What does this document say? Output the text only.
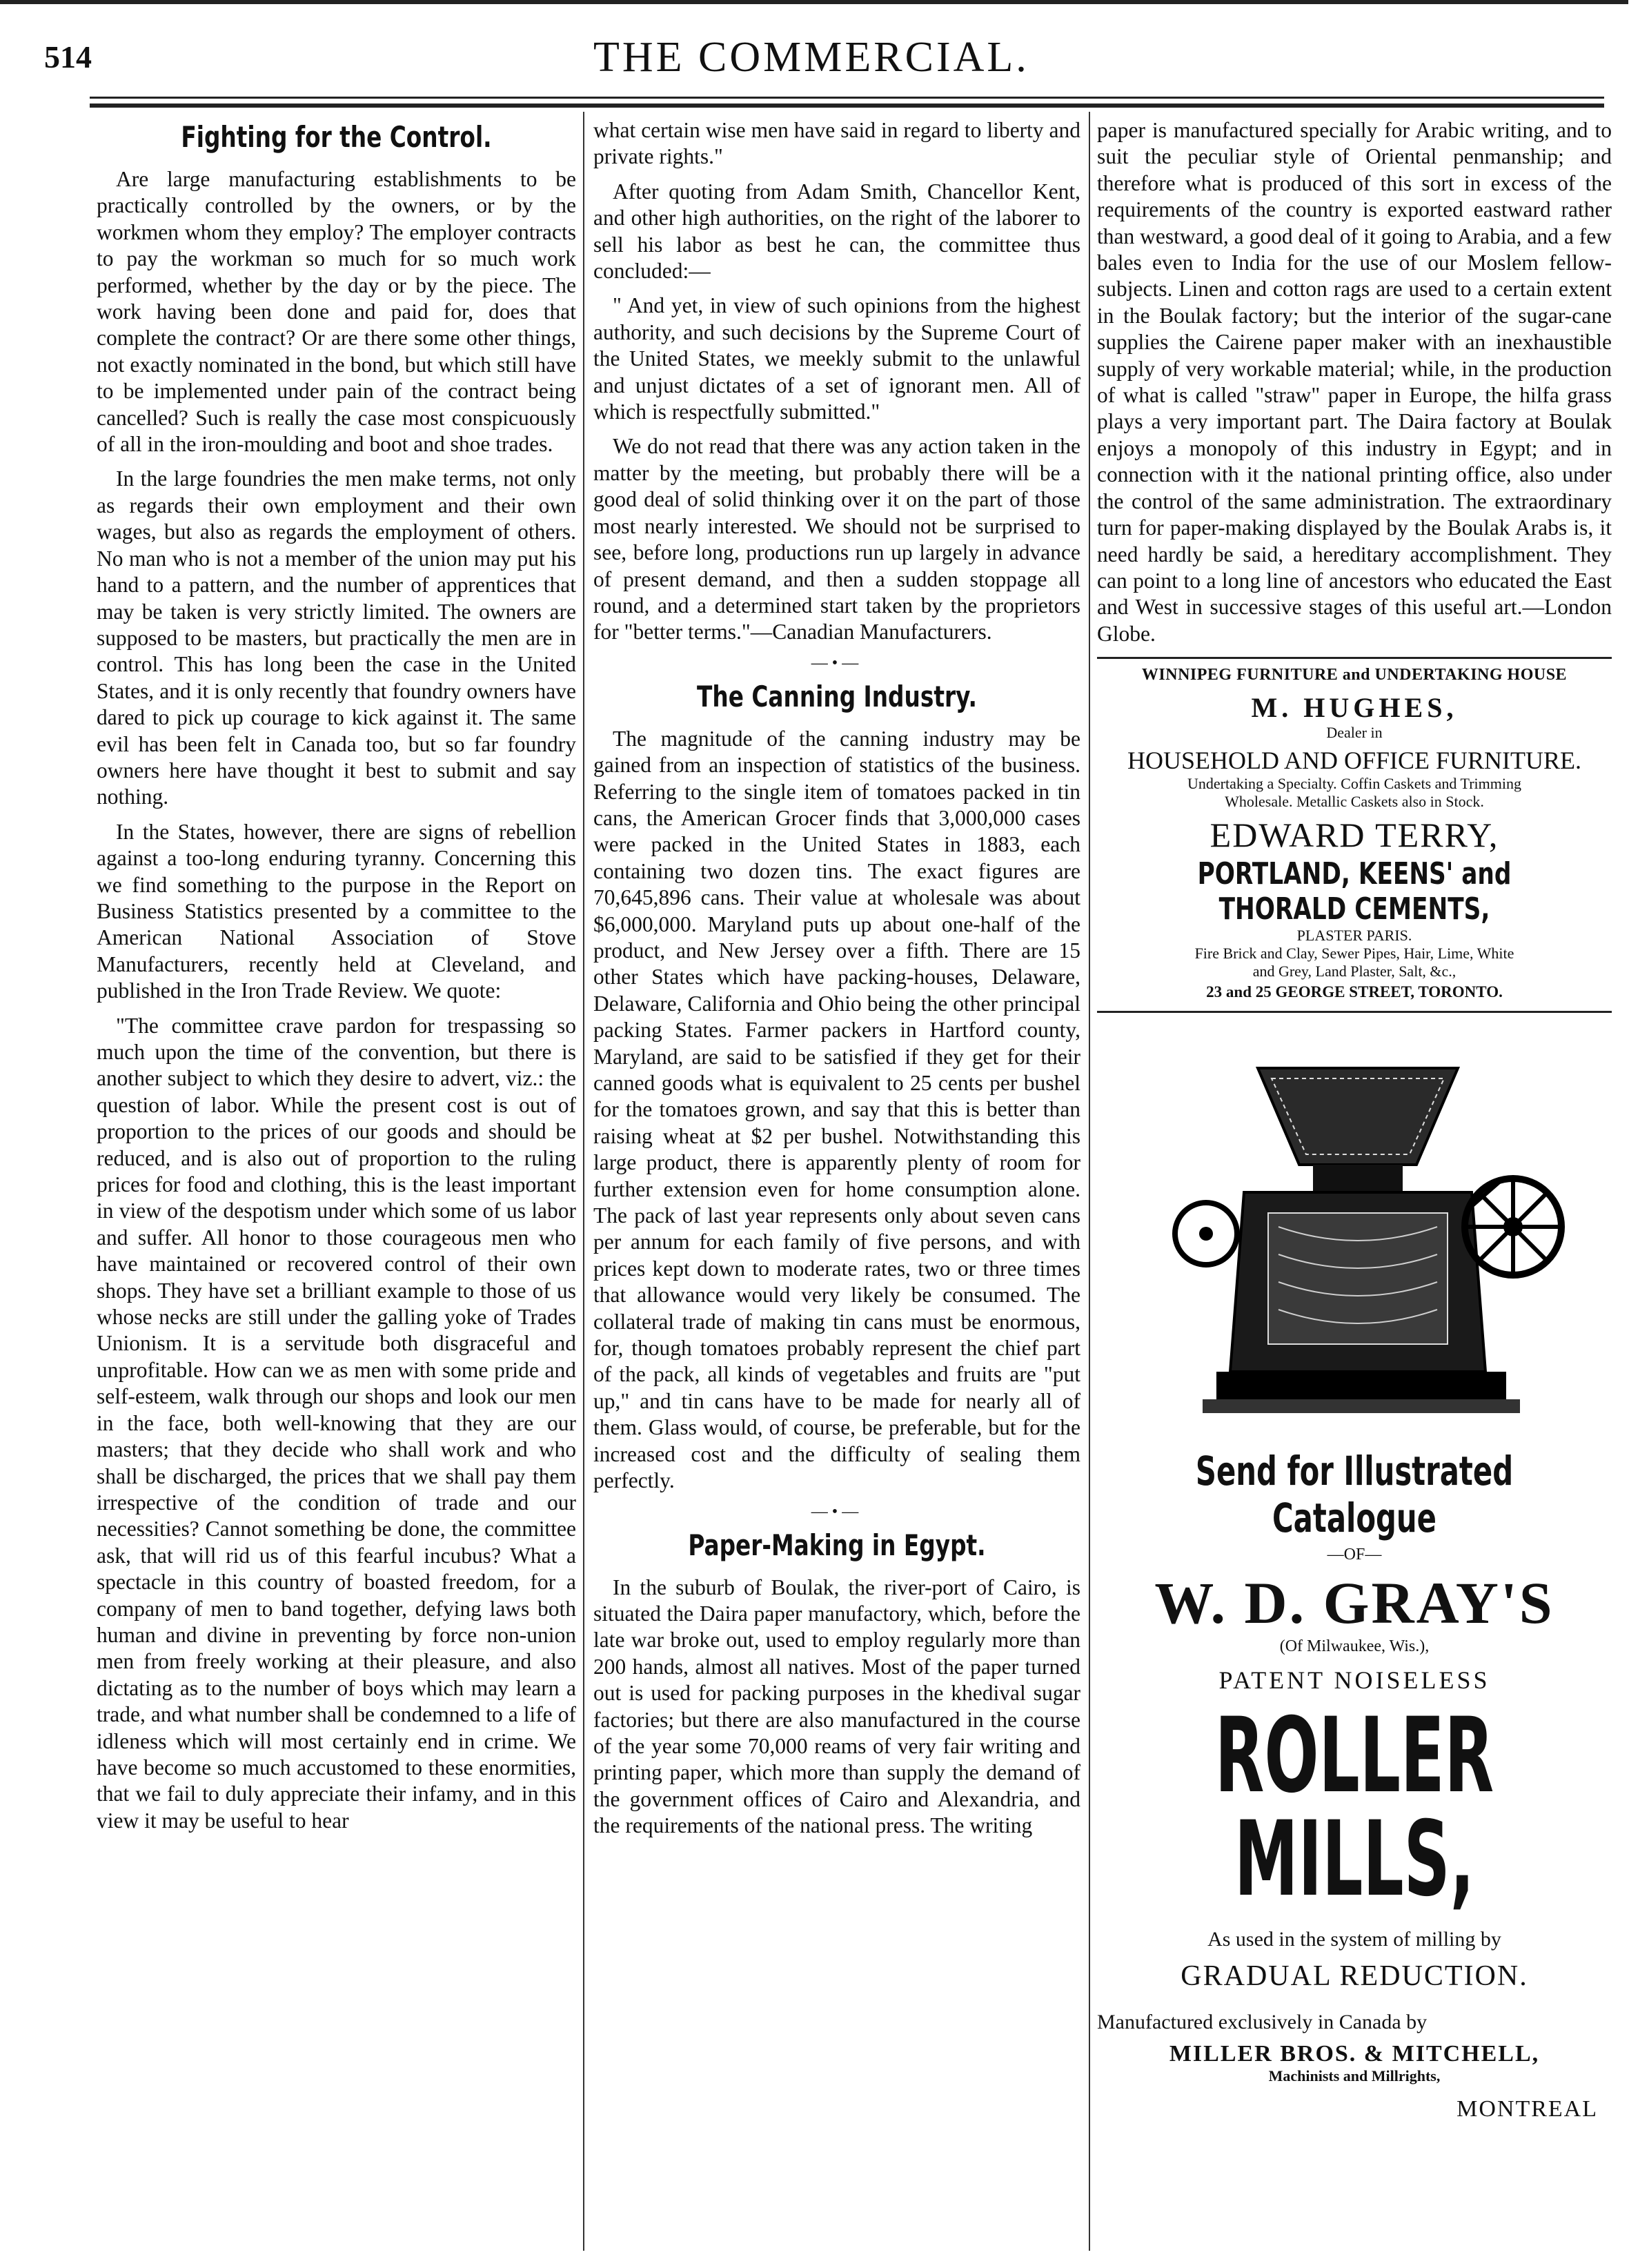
514	THE COMMERCIAL.
Fighting for the Control.

Are large manufacturing establishments to be practically controlled by the owners, or by the workmen whom they employ? The employer contracts to pay the workman so much for so much work performed, whether by the day or by the piece. The work having been done and paid for, does that complete the contract? Or are there some other things, not exactly nominated in the bond, but which still have to be implemented under pain of the contract being cancelled? Such is really the case most conspicuously of all in the iron-moulding and boot and shoe trades.

In the large foundries the men make terms, not only as regards their own employment and their own wages, but also as regards the employment of others. No man who is not a member of the union may put his hand to a pattern, and the number of apprentices that may be taken is very strictly limited. The owners are supposed to be masters, but practically the men are in control. This has long been the case in the United States, and it is only recently that foundry owners have dared to pick up courage to kick against it. The same evil has been felt in Canada too, but so far foundry owners here have thought it best to submit and say nothing.

In the States, however, there are signs of rebellion against a too-long enduring tyranny. Concerning this we find something to the purpose in the Report on Business Statistics presented by a committee to the American National Association of Stove Manufacturers, recently held at Cleveland, and published in the Iron Trade Review. We quote:

"The committee crave pardon for trespassing so much upon the time of the convention, but there is another subject to which they desire to advert, viz.: the question of labor. While the present cost is out of proportion to the prices of our goods and should be reduced, and is also out of proportion to the ruling prices for food and clothing, this is the least important in view of the despotism under which some of us labor and suffer. All honor to those courageous men who have maintained or recovered control of their own shops. They have set a brilliant example to those of us whose necks are still under the galling yoke of Trades Unionism. It is a servitude both disgraceful and unprofitable. How can we as men with some pride and self-esteem, walk through our shops and look our men in the face, both well-knowing that they are our masters; that they decide who shall work and who shall be discharged, the prices that we shall pay them irrespective of the condition of trade and our necessities? Cannot something be done, the committee ask, that will rid us of this fearful incubus? What a spectacle in this country of boasted freedom, for a company of men to band together, defying laws both human and divine in preventing by force non-union men from freely working at their pleasure, and also dictating as to the number of boys which may learn a trade, and what number shall be condemned to a life of idleness which will most certainly end in crime. We have become so much accustomed to these enormities, that we fail to duly appreciate their infamy, and in this view it may be useful to hear

what certain wise men have said in regard to liberty and private rights."

After quoting from Adam Smith, Chancellor Kent, and other high authorities, on the right of the laborer to sell his labor as best he can, the committee thus concluded:—

" And yet, in view of such opinions from the highest authority, and such decisions by the Supreme Court of the United States, we meekly submit to the unlawful and unjust dictates of a set of ignorant men. All of which is respectfully submitted."

We do not read that there was any action taken in the matter by the meeting, but probably there will be a good deal of solid thinking over it on the part of those most nearly interested. We should not be surprised to see, before long, productions run up largely in advance of present demand, and then a sudden stoppage all round, and a determined start taken by the proprietors for "better terms."—Canadian Manufacturers.

—•—
The Canning Industry.

The magnitude of the canning industry may be gained from an inspection of statistics of the business. Referring to the single item of tomatoes packed in tin cans, the American Grocer finds that 3,000,000 cases were packed in the United States in 1883, each containing two dozen tins. The exact figures are 70,645,896 cans. Their value at wholesale was about $6,000,000. Maryland puts up about one-half of the product, and New Jersey over a fifth. There are 15 other States which have packing-houses, Delaware, Delaware, California and Ohio being the other principal packing States. Farmer packers in Hartford county, Maryland, are said to be satisfied if they get for their canned goods what is equivalent to 25 cents per bushel for the tomatoes grown, and say that this is better than raising wheat at $2 per bushel. Notwithstanding this large product, there is apparently plenty of room for further extension even for home consumption alone. The pack of last year represents only about seven cans per annum for each family of five persons, and with prices kept down to moderate rates, two or three times that allowance would very likely be consumed. The collateral trade of making tin cans must be enormous, for, though tomatoes probably represent the chief part of the pack, all kinds of vegetables and fruits are "put up," and tin cans have to be made for nearly all of them. Glass would, of course, be preferable, but for the increased cost and the difficulty of sealing them perfectly.

—•—
Paper-Making in Egypt.

In the suburb of Boulak, the river-port of Cairo, is situated the Daira paper manufactory, which, before the late war broke out, used to employ regularly more than 200 hands, almost all natives. Most of the paper turned out is used for packing purposes in the khedival sugar factories; but there are also manufactured in the course of the year some 70,000 reams of very fair writing and printing paper, which more than supply the demand of the government offices of Cairo and Alexandria, and the requirements of the national press. The writing

paper is manufactured specially for Arabic writing, and to suit the peculiar style of Oriental penmanship; and therefore what is produced of this sort in excess of the requirements of the country is exported eastward rather than westward, a good deal of it going to Arabia, and a few bales even to India for the use of our Moslem fellow-subjects. Linen and cotton rags are used to a certain extent in the Boulak factory; but the interior of the sugar-cane supplies the Cairene paper maker with an inexhaustible supply of very workable material; while, in the production of what is called "straw" paper in Europe, the hilfa grass plays a very important part. The Daira factory at Boulak enjoys a monopoly of this industry in Egypt; and in connection with it the national printing office, also under the control of the same administration. The extraordinary turn for paper-making displayed by the Boulak Arabs is, it need hardly be said, a hereditary accomplishment. They can point to a long line of ancestors who educated the East and West in successive stages of this useful art.—London Globe.

WINNIPEG FURNITURE and UNDERTAKING HOUSE

M. HUGHES,

Dealer in

HOUSEHOLD AND OFFICE FURNITURE.

Undertaking a Specialty. Coffin Caskets and Trimming

Wholesale. Metallic Caskets also in Stock.

EDWARD TERRY,

PORTLAND, KEENS' and THORALD CEMENTS,

PLASTER PARIS.

Fire Brick and Clay, Sewer Pipes, Hair, Lime, White

and Grey, Land Plaster, Salt, &c.,

23 and 25 GEORGE STREET, TORONTO.

Send for Illustrated Catalogue

—OF—

W. D. GRAY'S

(Of Milwaukee, Wis.),

PATENT NOISELESS

ROLLER MILLS,

As used in the system of milling by

GRADUAL REDUCTION.

Manufactured exclusively in Canada by

MILLER BROS. & MITCHELL,

Machinists and Millrights,

MONTREAL
